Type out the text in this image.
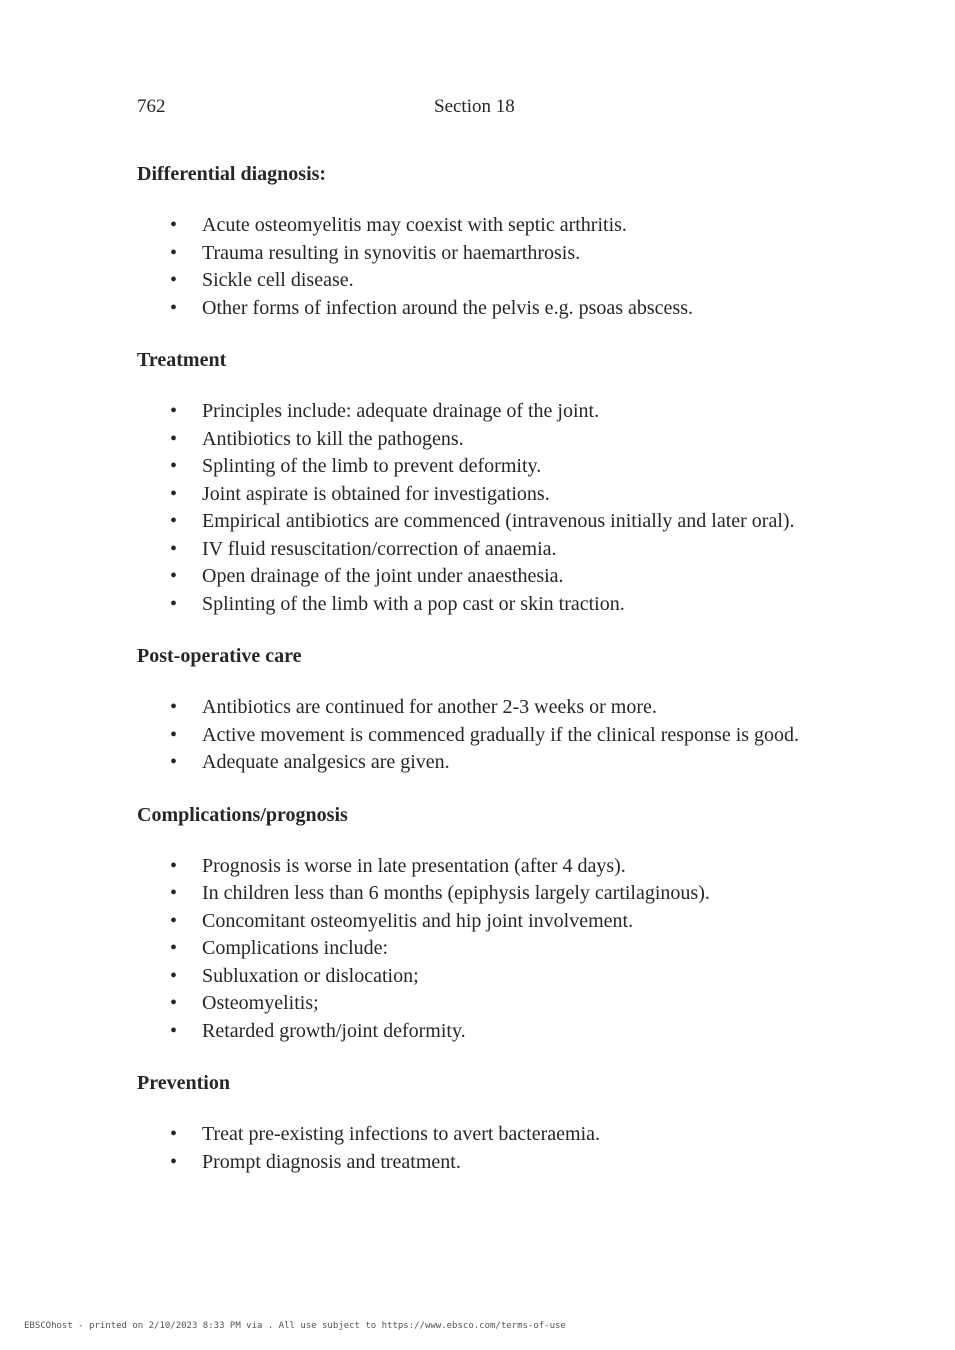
762	Section 18
Differential diagnosis:
• Acute osteomyelitis may coexist with septic arthritis.
• Trauma resulting in synovitis or haemarthrosis.
• Sickle cell disease.
• Other forms of infection around the pelvis e.g. psoas abscess.
Treatment
• Principles include: adequate drainage of the joint.
• Antibiotics to kill the pathogens.
• Splinting of the limb to prevent deformity.
• Joint aspirate is obtained for investigations.
• Empirical antibiotics are commenced (intravenous initially and later oral).
• IV fluid resuscitation/correction of anaemia.
• Open drainage of the joint under anaesthesia.
• Splinting of the limb with a pop cast or skin traction.
Post-operative care
• Antibiotics are continued for another 2-3 weeks or more.
• Active movement is commenced gradually if the clinical response is good.
• Adequate analgesics are given.
Complications/prognosis
• Prognosis is worse in late presentation (after 4 days).
• In children less than 6 months (epiphysis largely cartilaginous).
• Concomitant osteomyelitis and hip joint involvement.
• Complications include:
• Subluxation or dislocation;
• Osteomyelitis;
• Retarded growth/joint deformity.
Prevention
• Treat pre-existing infections to avert bacteraemia.
• Prompt diagnosis and treatment.
EBSCOhost - printed on 2/10/2023 8:33 PM via . All use subject to https://www.ebsco.com/terms-of-use
